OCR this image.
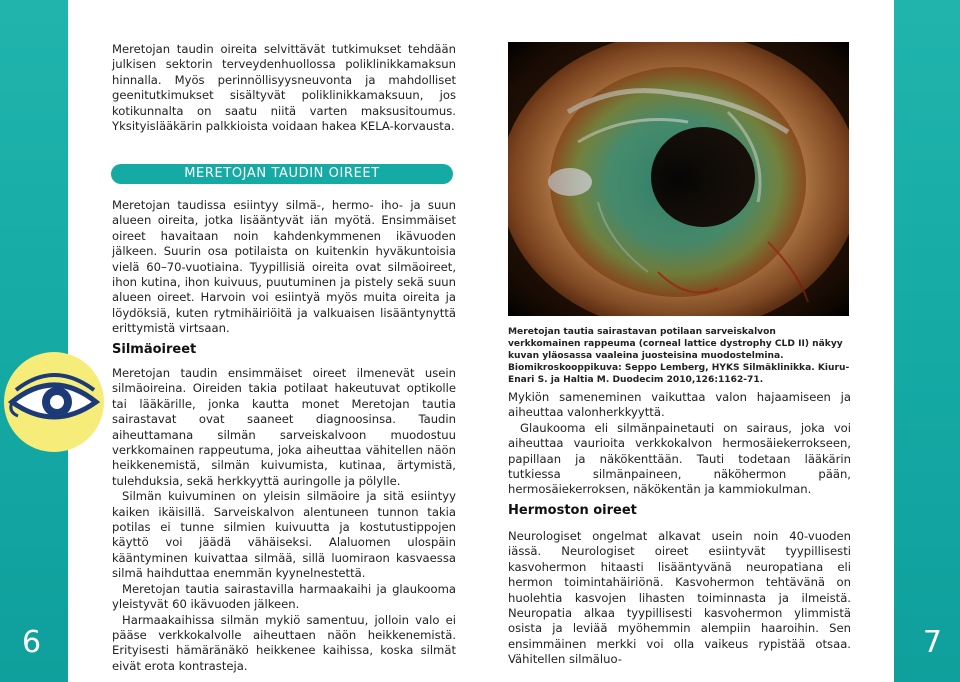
6	7

Meretojan taudin oireita selvittävät tutkimukset tehdään julkisen sektorin terveydenhuollossa poliklinikkamaksun hinnalla. Myös perinnöllisyysneuvonta ja mahdolliset geenitutkimukset sisältyvät poliklinikkamaksuun, jos kotikunnalta on saatu niitä varten maksusitoumus. Yksityislääkärin palkkioista voidaan hakea KELA-korvausta.

MERETOJAN TAUDIN OIREET

Meretojan taudissa esiintyy silmä-, hermo- iho- ja suun alueen oireita, jotka lisääntyvät iän myötä. Ensimmäiset oireet havaitaan noin kahdenkymmenen ikävuoden jälkeen. Suurin osa potilaista on kuitenkin hyväkuntoisia vielä 60–70-vuotiaina. Tyypillisiä oireita ovat silmäoireet, ihon kutina, ihon kuivuus, puutuminen ja pistely sekä suun alueen oireet. Harvoin voi esiintyä myös muita oireita ja löydöksiä, kuten rytmihäiriöitä ja valkuaisen lisääntynyttä erittymistä virtsaan.

Silmäoireet

Meretojan taudin ensimmäiset oireet ilmenevät usein silmäoireina. Oireiden takia potilaat hakeutuvat optikolle tai lääkärille, jonka kautta monet Meretojan tautia sairastavat ovat saaneet diagnoosinsa. Taudin aiheuttamana silmän sarveiskalvoon muodostuu verkkomainen rappeutuma, joka aiheuttaa vähitellen näön heikkenemistä, silmän kuivumista, kutinaa, ärtymistä, tulehduksia, sekä herkkyyttä auringolle ja pölylle.

Silmän kuivuminen on yleisin silmäoire ja sitä esiintyy kaiken ikäisillä. Sarveiskalvon alentuneen tunnon takia potilas ei tunne silmien kuivuutta ja kostutustippojen käyttö voi jäädä vähäiseksi. Alaluomen ulospäin kääntyminen kuivattaa silmää, sillä luomiraon kasvaessa silmä haihduttaa enemmän kyynelnestettä.

Meretojan tautia sairastavilla harmaakaihi ja glaukooma yleistyvät 60 ikävuoden jälkeen.

Harmaakaihissa silmän mykiö samentuu, jolloin valo ei pääse verkkokalvolle aiheuttaen näön heikkenemistä. Erityisesti hämäränäkö heikkenee kaihissa, koska silmät eivät erota kontrasteja.

Meretojan tautia sairastavan potilaan sarveiskalvon verkkomainen rappeuma (corneal lattice dystrophy CLD II) näkyy kuvan yläosassa vaaleina juosteisina muodostelmina. Biomikroskooppikuva: Seppo Lemberg, HYKS Silmäklinikka. Kiuru-Enari S. ja Haltia M. Duodecim 2010,126:1162-71.

Mykiön sameneminen vaikuttaa valon hajaamiseen ja aiheuttaa valonherkkyyttä.

Glaukooma eli silmänpainetauti on sairaus, joka voi aiheuttaa vaurioita verkkokalvon hermosäiekerrokseen, papillaan ja näkökenttään. Tauti todetaan lääkärin tutkiessa silmänpaineen, näköhermon pään, hermosäiekerroksen, näkökentän ja kammiokulman.

Hermoston oireet

Neurologiset ongelmat alkavat usein noin 40-vuoden iässä. Neurologiset oireet esiintyvät tyypillisesti kasvohermon hitaasti lisääntyvänä neuropatiana eli hermon toimintahäiriönä. Kasvohermon tehtävänä on huolehtia kasvojen lihasten toiminnasta ja ilmeistä. Neuropatia alkaa tyypillisesti kasvohermon ylimmistä osista ja leviää myöhemmin alempiin haaroihin. Sen ensimmäinen merkki voi olla vaikeus rypistää otsaa. Vähitellen silmäluo-
